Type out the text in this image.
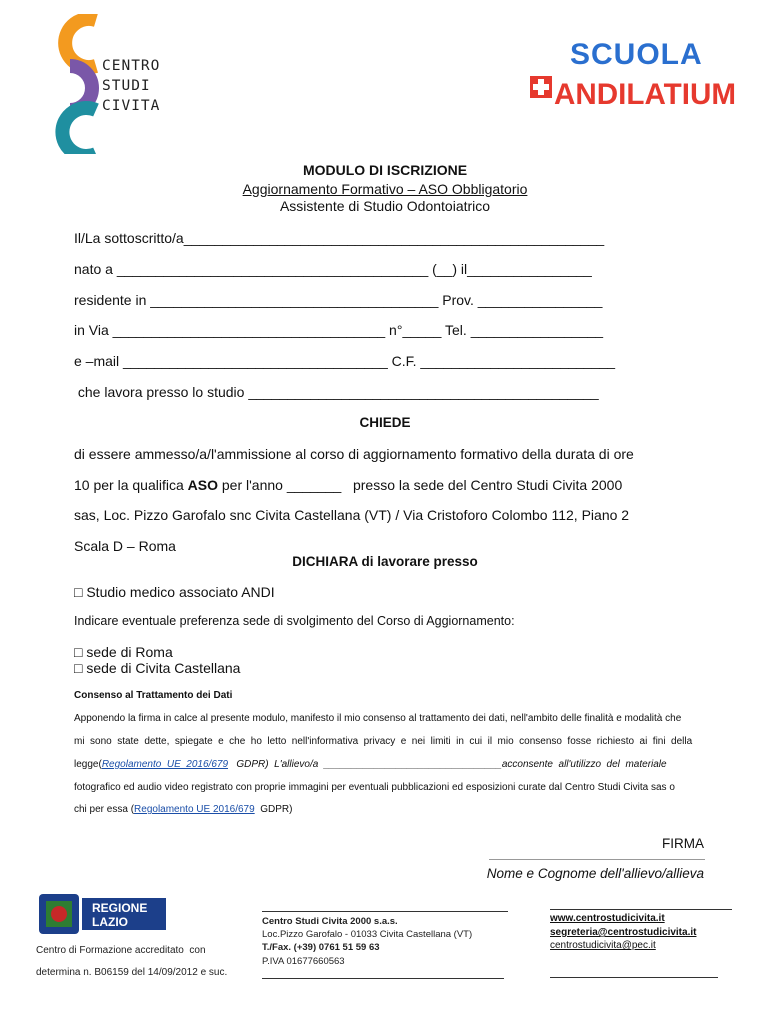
CENTRO
STUDI
CIVITA
SCUOLA
ANDILATIUM
MODULO DI ISCRIZIONE
Aggiornamento Formativo – ASO Obbligatorio
Assistente di Studio Odontoiatrico
Il/La sottoscritto/a______________________________________________________
nato a ________________________________________ (__) il________________
residente in _____________________________________ Prov. ________________
in Via ___________________________________ n°_____ Tel. _________________
e –mail __________________________________ C.F. _________________________
che lavora presso lo studio _____________________________________________
CHIEDE
di essere ammesso/a/l'ammissione al corso di aggiornamento formativo della durata di ore
10 per la qualifica ASO per l'anno _______   presso la sede del Centro Studi Civita 2000
sas, Loc. Pizzo Garofalo snc Civita Castellana (VT) / Via Cristoforo Colombo 112, Piano 2
Scala D – Roma
DICHIARA di lavorare presso
□ Studio medico associato ANDI
Indicare eventuale preferenza sede di svolgimento del Corso di Aggiornamento:
□ sede di Roma
□ sede di Civita Castellana
Consenso al Trattamento dei Dati
Apponendo la firma in calce al presente modulo, manifesto il mio consenso al trattamento dei dati, nell'ambito delle finalità e modalità che
mi sono state dette, spiegate e che ho letto nell'informativa privacy e nei limiti in cui il mio consenso fosse richiesto ai fini della
legge(Regolamento  UE  2016/679   GDPR)  L'allievo/a  ________________________________acconsente  all'utilizzo  del  materiale
fotografico ed audio video registrato con proprie immagini per eventuali pubblicazioni ed esposizioni curate dal Centro Studi Civita sas o
chi per essa (Regolamento UE 2016/679  GDPR)
FIRMA
Nome e Cognome dell'allievo/allieva
REGIONE
LAZIO
Centro di Formazione accreditato  con
determina n. B06159 del 14/09/2012 e suc.
Centro Studi Civita 2000 s.a.s.
Loc.Pizzo Garofalo - 01033 Civita Castellana (VT)
T./Fax. (+39) 0761 51 59 63
P.IVA 01677660563
www.centrostudicivita.it
segreteria@centrostudicivita.it
centrostudicivita@pec.it
